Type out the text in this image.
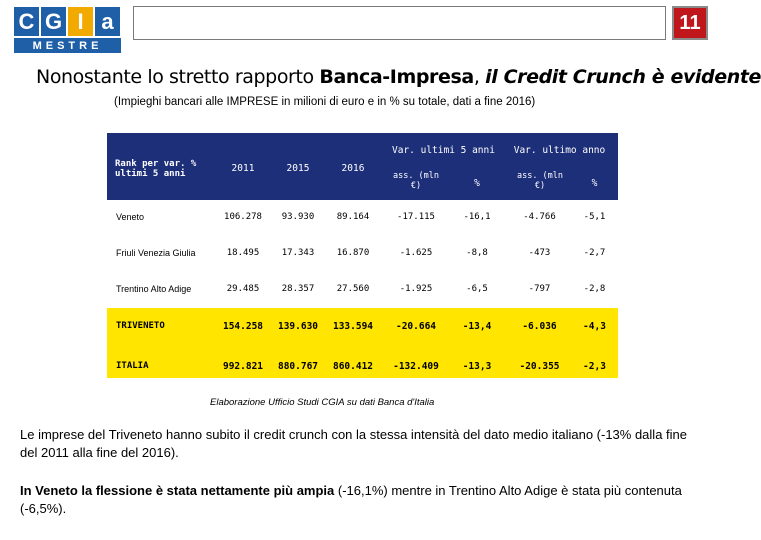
C G I a
MESTRE
11
Nonostante lo stretto rapporto Banca-Impresa, il Credit Crunch è evidente
(Impieghi bancari alle IMPRESE in milioni di euro e in % su totale, dati a fine 2016)
Rank per var. % ultimi 5 anni	2011	2015	2016
Var. ultimi 5 anni	Var. ultimo anno
ass. (mln €)	%
ass. (mln €)	%
Veneto	106.278	93.930	89.164	-17.115	-16,1	-4.766	-5,1
Friuli Venezia Giulia	18.495	17.343	16.870	-1.625	-8,8	-473	-2,7
Trentino Alto Adige	29.485	28.357	27.560	-1.925	-6,5	-797	-2,8
TRIVENETO	154.258	139.630	133.594	-20.664	-13,4	-6.036	-4,3
ITALIA	992.821	880.767	860.412	-132.409	-13,3	-20.355	-2,3
Elaborazione Ufficio Studi CGIA su dati Banca d'Italia
Le imprese del Triveneto hanno subito il credit crunch con la stessa intensità del dato medio italiano (-13% dalla fine del 2011 alla fine del 2016).
In Veneto la flessione è stata nettamente più ampia (-16,1%) mentre in Trentino Alto Adige è stata più contenuta (-6,5%).
